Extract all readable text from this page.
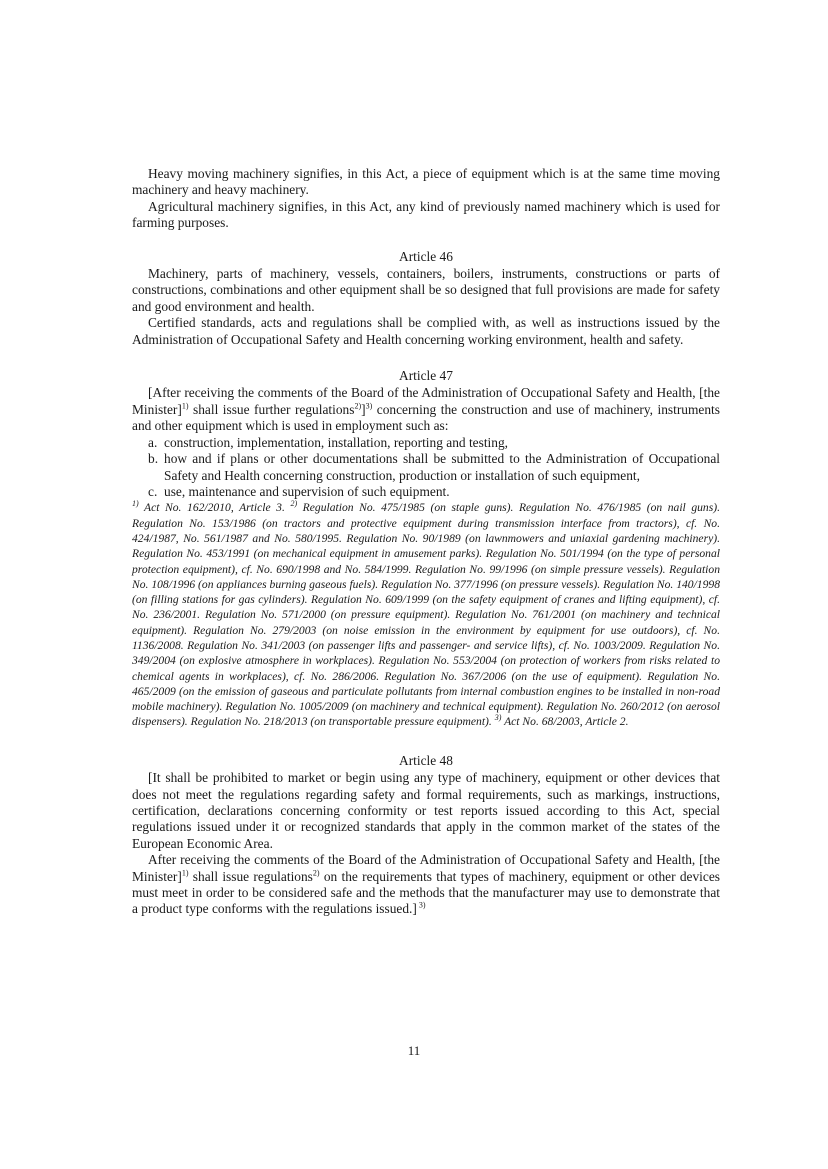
Heavy moving machinery signifies, in this Act, a piece of equipment which is at the same time moving machinery and heavy machinery.

Agricultural machinery signifies, in this Act, any kind of previously named machinery which is used for farming purposes.

Article 46

Machinery, parts of machinery, vessels, containers, boilers, instruments, constructions or parts of constructions, combinations and other equipment shall be so designed that full provisions are made for safety and good environment and health.

Certified standards, acts and regulations shall be complied with, as well as instructions issued by the Administration of Occupational Safety and Health concerning working environment, health and safety.

Article 47

[After receiving the comments of the Board of the Administration of Occupational Safety and Health, [the Minister]$^{1)}$ shall issue further regulations$^{2)}$]$^{3)}$ concerning the construction and use of machinery, instruments and other equipment which is used in employment such as:

a. construction, implementation, installation, reporting and testing,
b. how and if plans or other documentations shall be submitted to the Administration of Occupational Safety and Health concerning construction, production or installation of such equipment,
c. use, maintenance and supervision of such equipment.

$^{1)}$ Act No. 162/2010, Article 3. $^{2)}$ Regulation No. 475/1985 (on staple guns). Regulation No. 476/1985 (on nail guns). Regulation No. 153/1986 (on tractors and protective equipment during transmission interface from tractors), cf. No. 424/1987, No. 561/1987 and No. 580/1995. Regulation No. 90/1989 (on lawnmowers and uniaxial gardening machinery). Regulation No. 453/1991 (on mechanical equipment in amusement parks). Regulation No. 501/1994 (on the type of personal protection equipment), cf. No. 690/1998 and No. 584/1999. Regulation No. 99/1996 (on simple pressure vessels). Regulation No. 108/1996 (on appliances burning gaseous fuels). Regulation No. 377/1996 (on pressure vessels). Regulation No. 140/1998 (on filling stations for gas cylinders). Regulation No. 609/1999 (on the safety equipment of cranes and lifting equipment), cf. No. 236/2001. Regulation No. 571/2000 (on pressure equipment). Regulation No. 761/2001 (on machinery and technical equipment). Regulation No. 279/2003 (on noise emission in the environment by equipment for use outdoors), cf. No. 1136/2008. Regulation No. 341/2003 (on passenger lifts and passenger- and service lifts), cf. No. 1003/2009. Regulation No. 349/2004 (on explosive atmosphere in workplaces). Regulation No. 553/2004 (on protection of workers from risks related to chemical agents in workplaces), cf. No. 286/2006. Regulation No. 367/2006 (on the use of equipment). Regulation No. 465/2009 (on the emission of gaseous and particulate pollutants from internal combustion engines to be installed in non-road mobile machinery). Regulation No. 1005/2009 (on machinery and technical equipment). Regulation No. 260/2012 (on aerosol dispensers). Regulation No. 218/2013 (on transportable pressure equipment). $^{3)}$ Act No. 68/2003, Article 2.

Article 48

[It shall be prohibited to market or begin using any type of machinery, equipment or other devices that does not meet the regulations regarding safety and formal requirements, such as markings, instructions, certification, declarations concerning conformity or test reports issued according to this Act, special regulations issued under it or recognized standards that apply in the common market of the states of the European Economic Area.

After receiving the comments of the Board of the Administration of Occupational Safety and Health, [the Minister]$^{1)}$ shall issue regulations$^{2)}$ on the requirements that types of machinery, equipment or other devices must meet in order to be considered safe and the methods that the manufacturer may use to demonstrate that a product type conforms with the regulations issued.] $^{3)}$

11
